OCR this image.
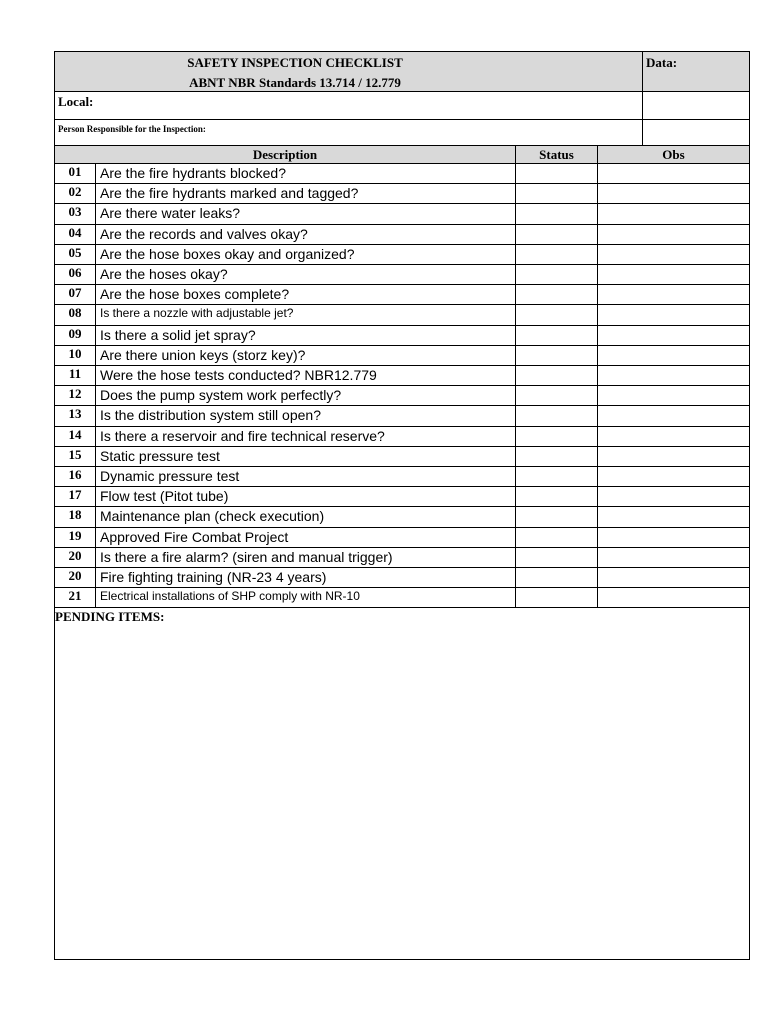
SAFETY INSPECTION CHECKLIST
ABNT NBR Standards 13.714 / 12.779
Data:
Local:
Person Responsible for the Inspection:
Description	Status	Obs
01	Are the fire hydrants blocked?
02	Are the fire hydrants marked and tagged?
03	Are there water leaks?
04	Are the records and valves okay?
05	Are the hose boxes okay and organized?
06	Are the hoses okay?
07	Are the hose boxes complete?
08	Is there a nozzle with adjustable jet?
09	Is there a solid jet spray?
10	Are there union keys (storz key)?
11	Were the hose tests conducted? NBR12.779
12	Does the pump system work perfectly?
13	Is the distribution system still open?
14	Is there a reservoir and fire technical reserve?
15	Static pressure test
16	Dynamic pressure test
17	Flow test (Pitot tube)
18	Maintenance plan (check execution)
19	Approved Fire Combat Project
20	Is there a fire alarm? (siren and manual trigger)
20	Fire fighting training (NR-23 4 years)
21	Electrical installations of SHP comply with NR-10
PENDING ITEMS:
